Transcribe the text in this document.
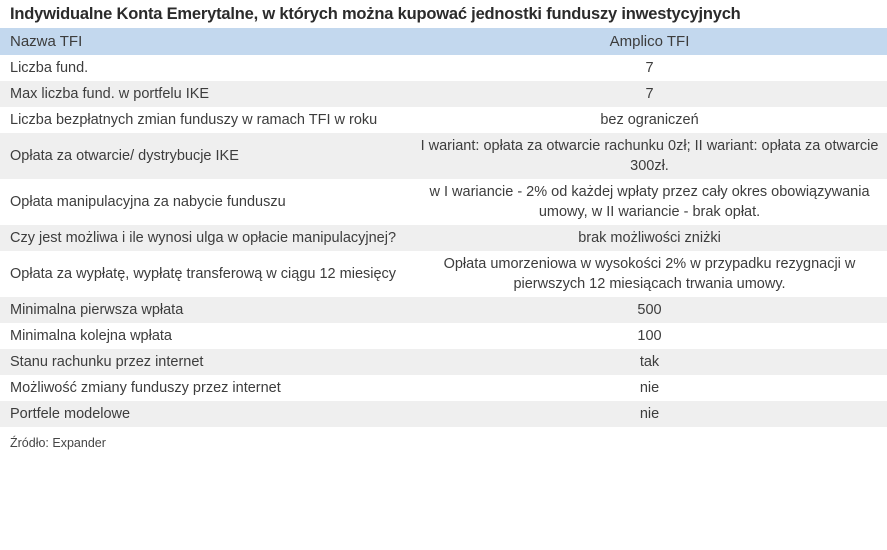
Indywidualne Konta Emerytalne, w których można kupować jednostki funduszy inwestycyjnych
Nazwa TFI	Amplico TFI
Liczba fund.	7
Max liczba fund. w portfelu IKE	7
Liczba bezpłatnych zmian funduszy w ramach TFI w roku	bez ograniczeń
Opłata za otwarcie/ dystrybucje IKE	I wariant: opłata za otwarcie rachunku 0zł; II wariant: opłata za otwarcie 300zł.
Opłata manipulacyjna za nabycie funduszu	w I wariancie - 2% od każdej wpłaty przez cały okres obowiązywania umowy, w II wariancie - brak opłat.
Czy jest możliwa i ile wynosi ulga w opłacie manipulacyjnej?	brak możliwości zniżki
Opłata za wypłatę, wypłatę transferową w ciągu 12 miesięcy	Opłata umorzeniowa w wysokości 2% w przypadku rezygnacji w pierwszych 12 miesiącach trwania umowy.
Minimalna pierwsza wpłata	500
Minimalna kolejna wpłata	100
Stanu rachunku przez internet	tak
Możliwość zmiany funduszy przez internet	nie
Portfele modelowe	nie
Źródło: Expander
